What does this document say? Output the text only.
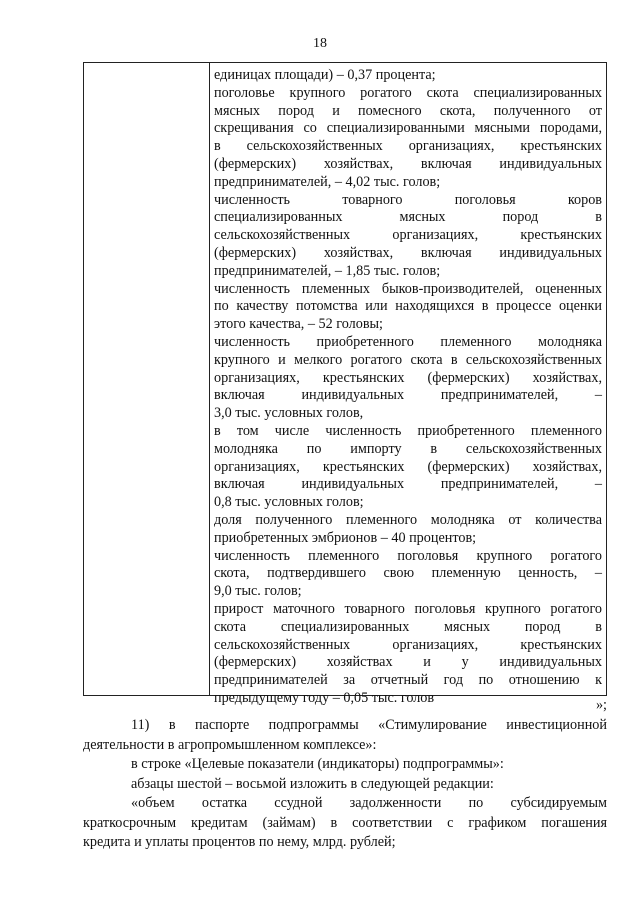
18
единицах площади) – 0,37 процента;
поголовье крупного рогатого скота специализированных
мясных пород и помесного скота, полученного от
скрещивания со специализированными мясными породами,
в сельскохозяйственных организациях, крестьянских
(фермерских) хозяйствах, включая индивидуальных
предпринимателей, – 4,02 тыс. голов;
численность товарного поголовья коров
специализированных мясных пород в
сельскохозяйственных организациях, крестьянских
(фермерских) хозяйствах, включая индивидуальных
предпринимателей, – 1,85 тыс. голов;
численность племенных быков-производителей, оцененных
по качеству потомства или находящихся в процессе оценки
этого качества, – 52 головы;
численность приобретенного племенного молодняка
крупного и мелкого рогатого скота в сельскохозяйственных
организациях, крестьянских (фермерских) хозяйствах,
включая индивидуальных предпринимателей, –
3,0 тыс. условных голов,
в том числе численность приобретенного племенного
молодняка по импорту в сельскохозяйственных
организациях, крестьянских (фермерских) хозяйствах,
включая индивидуальных предпринимателей, –
0,8 тыс. условных голов;
доля полученного племенного молодняка от количества
приобретенных эмбрионов – 40 процентов;
численность племенного поголовья крупного рогатого
скота, подтвердившего свою племенную ценность, –
9,0 тыс. голов;
прирост маточного товарного поголовья крупного рогатого
скота специализированных мясных пород в
сельскохозяйственных организациях, крестьянских
(фермерских) хозяйствах и у индивидуальных
предпринимателей за отчетный год по отношению к
предыдущему году – 0,05 тыс. голов	»;
11) в паспорте подпрограммы «Стимулирование инвестиционной
деятельности в агропромышленном комплексе»:
в строке «Целевые показатели (индикаторы) подпрограммы»:
абзацы шестой – восьмой изложить в следующей редакции:
«объем остатка ссудной задолженности по субсидируемым
краткосрочным кредитам (займам) в соответствии с графиком погашения
кредита и уплаты процентов по нему, млрд. рублей;
